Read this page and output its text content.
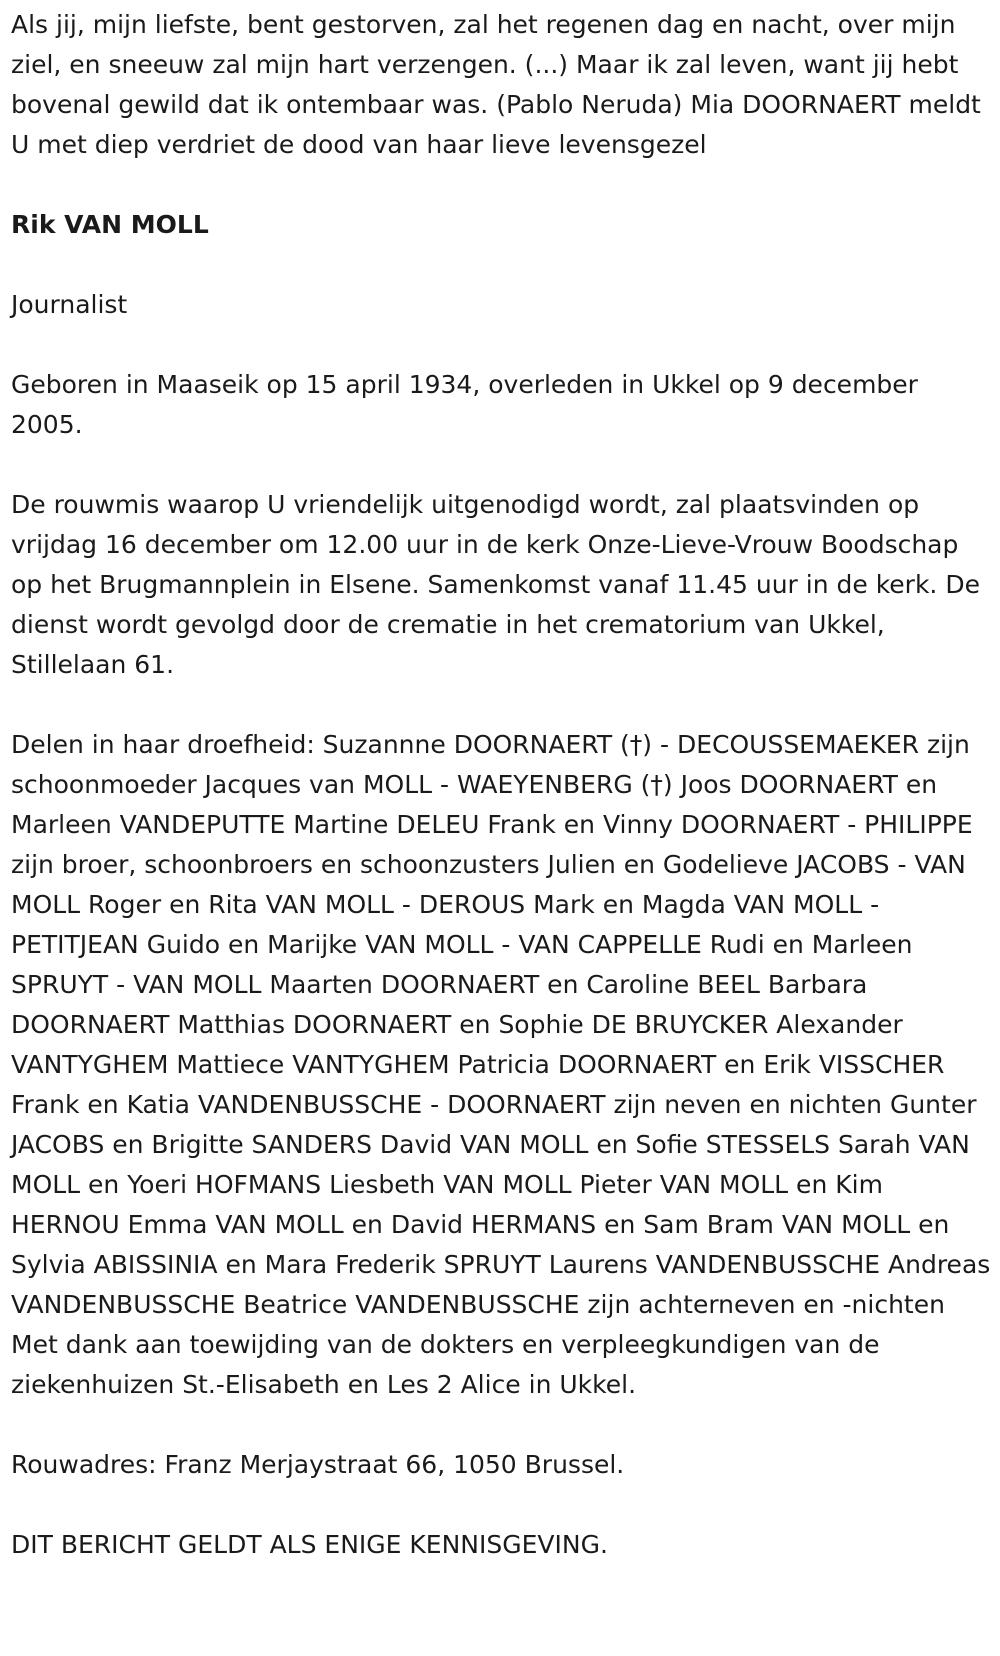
Als jij, mijn liefste, bent gestorven, zal het regenen dag en nacht, over mijn ziel, en sneeuw zal mijn hart verzengen. (...) Maar ik zal leven, want jij hebt bovenal gewild dat ik ontembaar was. (Pablo Neruda) Mia DOORNAERT meldt U met diep verdriet de dood van haar lieve levensgezel

Rik VAN MOLL

Journalist

Geboren in Maaseik op 15 april 1934, overleden in Ukkel op 9 december 2005.

De rouwmis waarop U vriendelijk uitgenodigd wordt, zal plaatsvinden op vrijdag 16 december om 12.00 uur in de kerk Onze-Lieve-Vrouw Boodschap op het Brugmannplein in Elsene. Samenkomst vanaf 11.45 uur in de kerk. De dienst wordt gevolgd door de crematie in het crematorium van Ukkel, Stillelaan 61.

Delen in haar droefheid: Suzannne DOORNAERT (†) - DECOUSSEMAEKER zijn schoonmoeder Jacques van MOLL - WAEYENBERG (†) Joos DOORNAERT en Marleen VANDEPUTTE Martine DELEU Frank en Vinny DOORNAERT - PHILIPPE zijn broer, schoonbroers en schoonzusters Julien en Godelieve JACOBS - VAN MOLL Roger en Rita VAN MOLL - DEROUS Mark en Magda VAN MOLL - PETITJEAN Guido en Marijke VAN MOLL - VAN CAPPELLE Rudi en Marleen SPRUYT - VAN MOLL Maarten DOORNAERT en Caroline BEEL Barbara DOORNAERT Matthias DOORNAERT en Sophie DE BRUYCKER Alexander VANTYGHEM Mattiece VANTYGHEM Patricia DOORNAERT en Erik VISSCHER Frank en Katia VANDENBUSSCHE - DOORNAERT zijn neven en nichten Gunter JACOBS en Brigitte SANDERS David VAN MOLL en Sofie STESSELS Sarah VAN MOLL en Yoeri HOFMANS Liesbeth VAN MOLL Pieter VAN MOLL en Kim HERNOU Emma VAN MOLL en David HERMANS en Sam Bram VAN MOLL en Sylvia ABISSINIA en Mara Frederik SPRUYT Laurens VANDENBUSSCHE Andreas VANDENBUSSCHE Beatrice VANDENBUSSCHE zijn achterneven en -nichten Met dank aan toewijding van de dokters en verpleegkundigen van de ziekenhuizen St.-Elisabeth en Les 2 Alice in Ukkel.

Rouwadres: Franz Merjaystraat 66, 1050 Brussel.

DIT BERICHT GELDT ALS ENIGE KENNISGEVING.
